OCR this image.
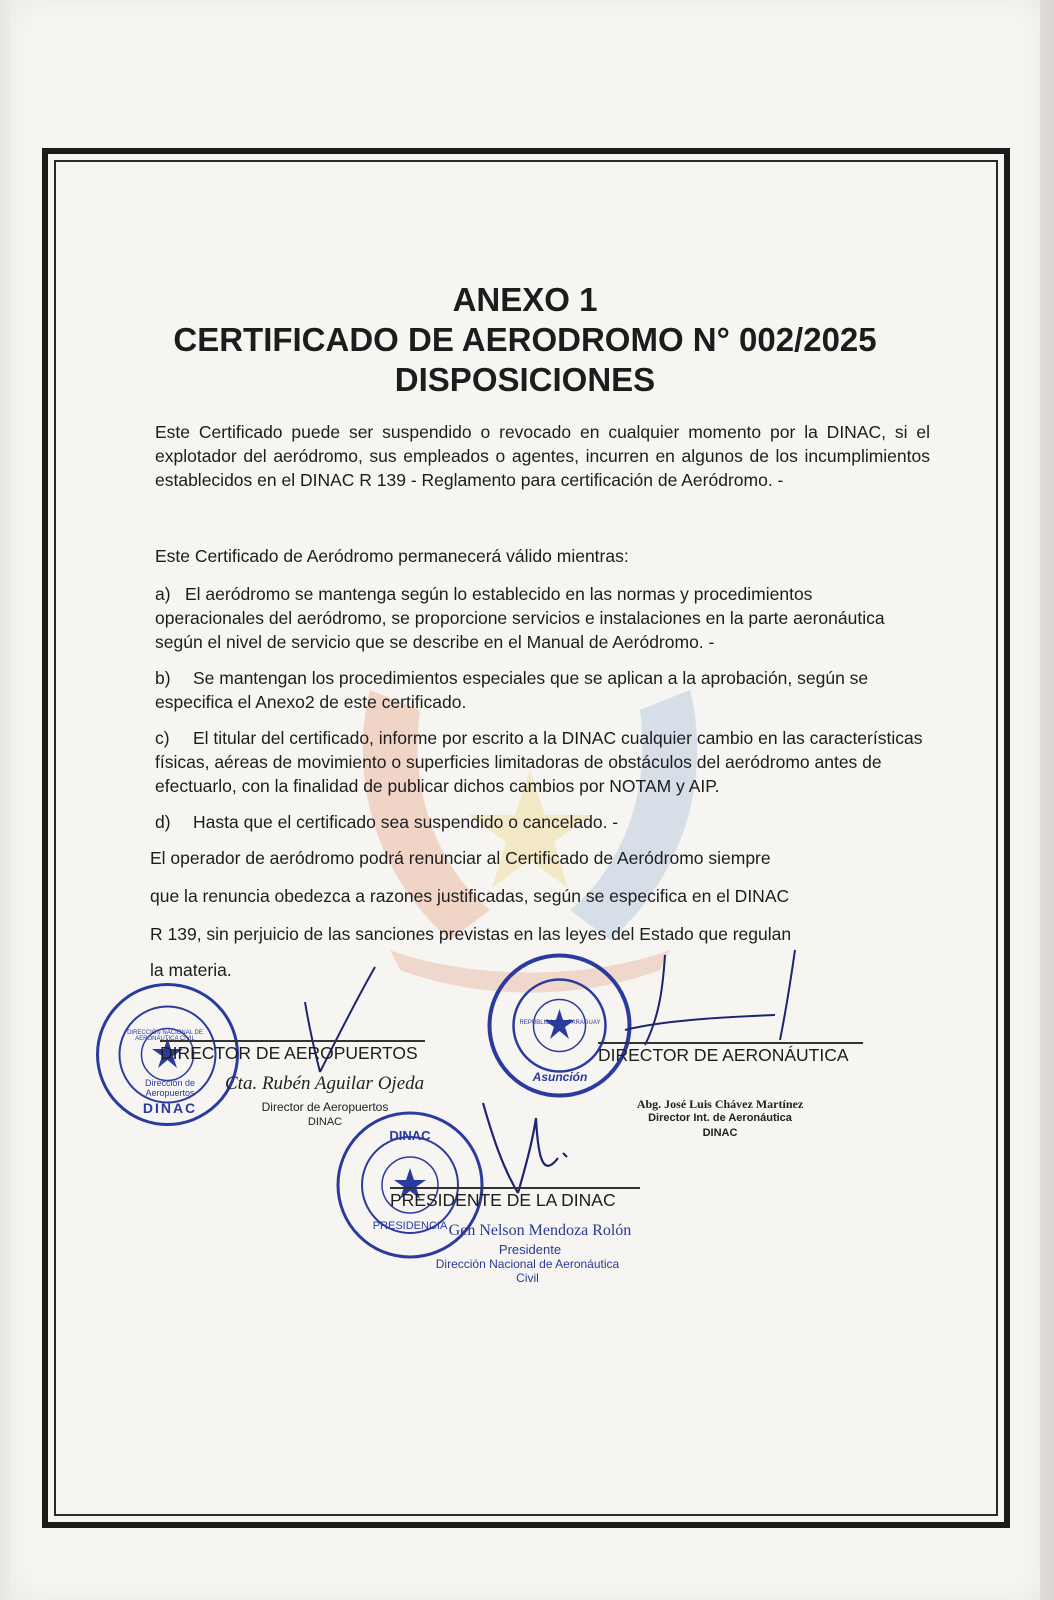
ANEXO 1
CERTIFICADO DE AERODROMO N° 002/2025
DISPOSICIONES
Este Certificado puede ser suspendido o revocado en cualquier momento por la DINAC, si el explotador del aeródromo, sus empleados o agentes, incurren en algunos de los incumplimientos establecidos en el DINAC R 139 - Reglamento para certificación de Aeródromo. -
Este Certificado de Aeródromo permanecerá válido mientras:
a) El aeródromo se mantenga según lo establecido en las normas y procedimientos operacionales del aeródromo, se proporcione servicios e instalaciones en la parte aeronáutica según el nivel de servicio que se describe en el Manual de Aeródromo. -
b) Se mantengan los procedimientos especiales que se aplican a la aprobación, según se especifica el Anexo2 de este certificado.
c) El titular del certificado, informe por escrito a la DINAC cualquier cambio en las características físicas, aéreas de movimiento o superficies limitadoras de obstáculos del aeródromo antes de efectuarlo, con la finalidad de publicar dichos cambios por NOTAM y AIP.
d) Hasta que el certificado sea suspendido o cancelado. -
El operador de aeródromo podrá renunciar al Certificado de Aeródromo siempre
que la renuncia obedezca a razones justificadas, según se especifica en el DINAC
R 139, sin perjuicio de las sanciones previstas en las leyes del Estado que regulan
la materia.
Dirección de Aeropuertos
DINAC
DIRECTOR DE AEROPUERTOS
Cta. Rubén Aguilar Ojeda
Director de Aeropuertos
DINAC
Asunción
DIRECTOR DE AERONÁUTICA
Abg. José Luis Chávez Martínez
Director Int. de Aeronáutica
DINAC
DINAC
PRESIDENCIA
PRESIDENTE DE LA DINAC
Gen Nelson Mendoza Rolón
Presidente
Dirección Nacional de Aeronáutica Civil
DIRECCIÓN NACIONAL DE AERONÁUTICA CIVIL
REPÚBLICA DEL PARAGUAY
